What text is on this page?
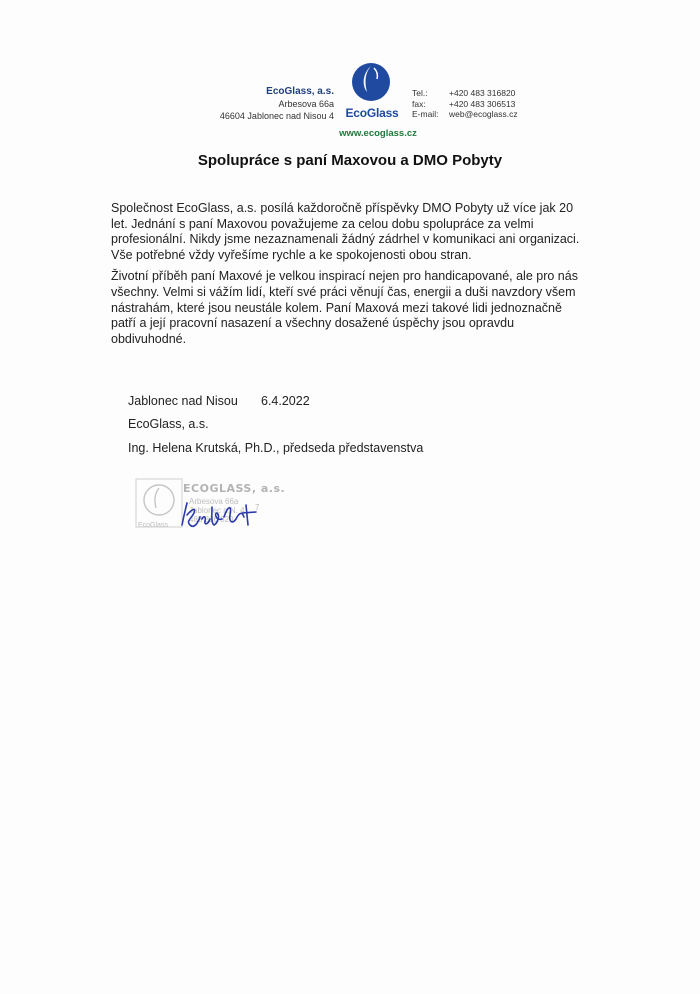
EcoGlass, a.s.
Arbesova 66a
46604 Jablonec nad Nisou 4 EcoGlass
Tel.:	+420 483 316820
fax:	+420 483 306513
E-mail:	web@ecoglass.cz
www.ecoglass.cz
Spolupráce s paní Maxovou a DMO Pobyty

Společnost EcoGlass, a.s. posílá každoročně příspěvky DMO Pobyty už více jak 20
let. Jednání s paní Maxovou považujeme za celou dobu spolupráce za velmi
profesionální. Nikdy jsme nezaznamenali žádný zádrhel v komunikaci ani organizaci.
Vše potřebné vždy vyřešíme rychle a ke spokojenosti obou stran.

Životní příběh paní Maxové je velkou inspirací nejen pro handicapované, ale pro nás
všechny. Velmi si vážím lidí, kteří své práci věnují čas, energii a duši navzdory všem
nástrahám, které jsou neustále kolem. Paní Maxová mezi takové lidi jednoznačně
patří a její pracovní nasazení a všechny dosažené úspěchy jsou opravdu
obdivuhodné.

Jablonec nad Nisou 6.4.2022
EcoGlass, a.s.
Ing. Helena Krutská, Ph.D., předseda představenstva
ECOGLASS, a.s.
Arbesova 66a
Jablonec n.N. 4
483 316 820
7
EcoGlass
